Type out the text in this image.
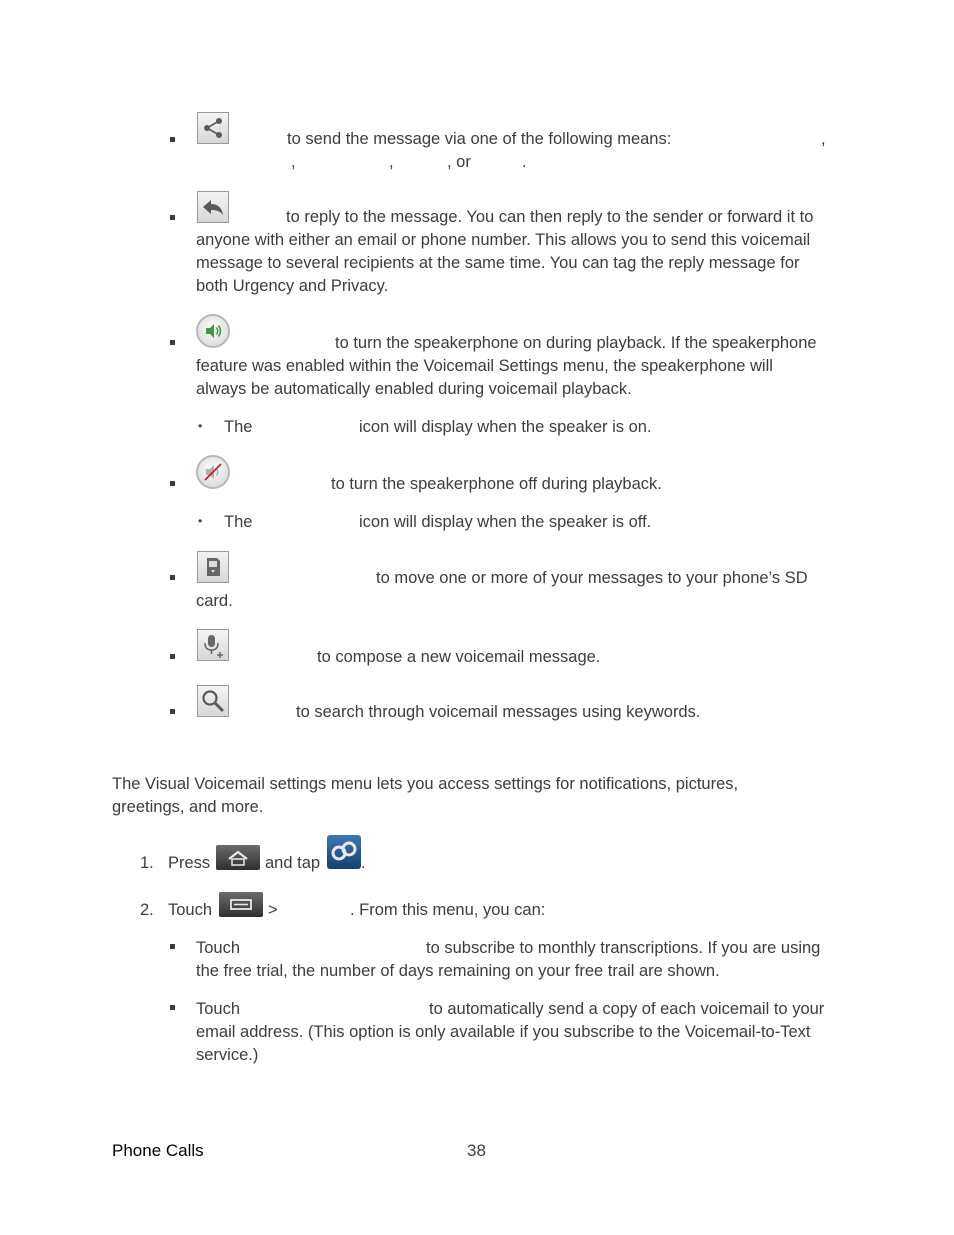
to send the message via one of the following means:	,
,	,	, or	.
to reply to the message. You can then reply to the sender or forward it to
anyone with either an email or phone number. This allows you to send this voicemail
message to several recipients at the same time. You can tag the reply message for
both Urgency and Privacy.
to turn the speakerphone on during playback. If the speakerphone
feature was enabled within the Voicemail Settings menu, the speakerphone will
always be automatically enabled during voicemail playback.
• The	icon will display when the speaker is on.
to turn the speakerphone off during playback.
• The	icon will display when the speaker is off.
to move one or more of your messages to your phone’s SD
card.
to compose a new voicemail message.
to search through voicemail messages using keywords.
The Visual Voicemail settings menu lets you access settings for notifications, pictures,
greetings, and more.
1. Press	and tap .
2. Touch	>	. From this menu, you can:
Touch	to subscribe to monthly transcriptions. If you are using
the free trial, the number of days remaining on your free trail are shown.
Touch	to automatically send a copy of each voicemail to your
email address. (This option is only available if you subscribe to the Voicemail-to-Text
service.)
Phone Calls	38
